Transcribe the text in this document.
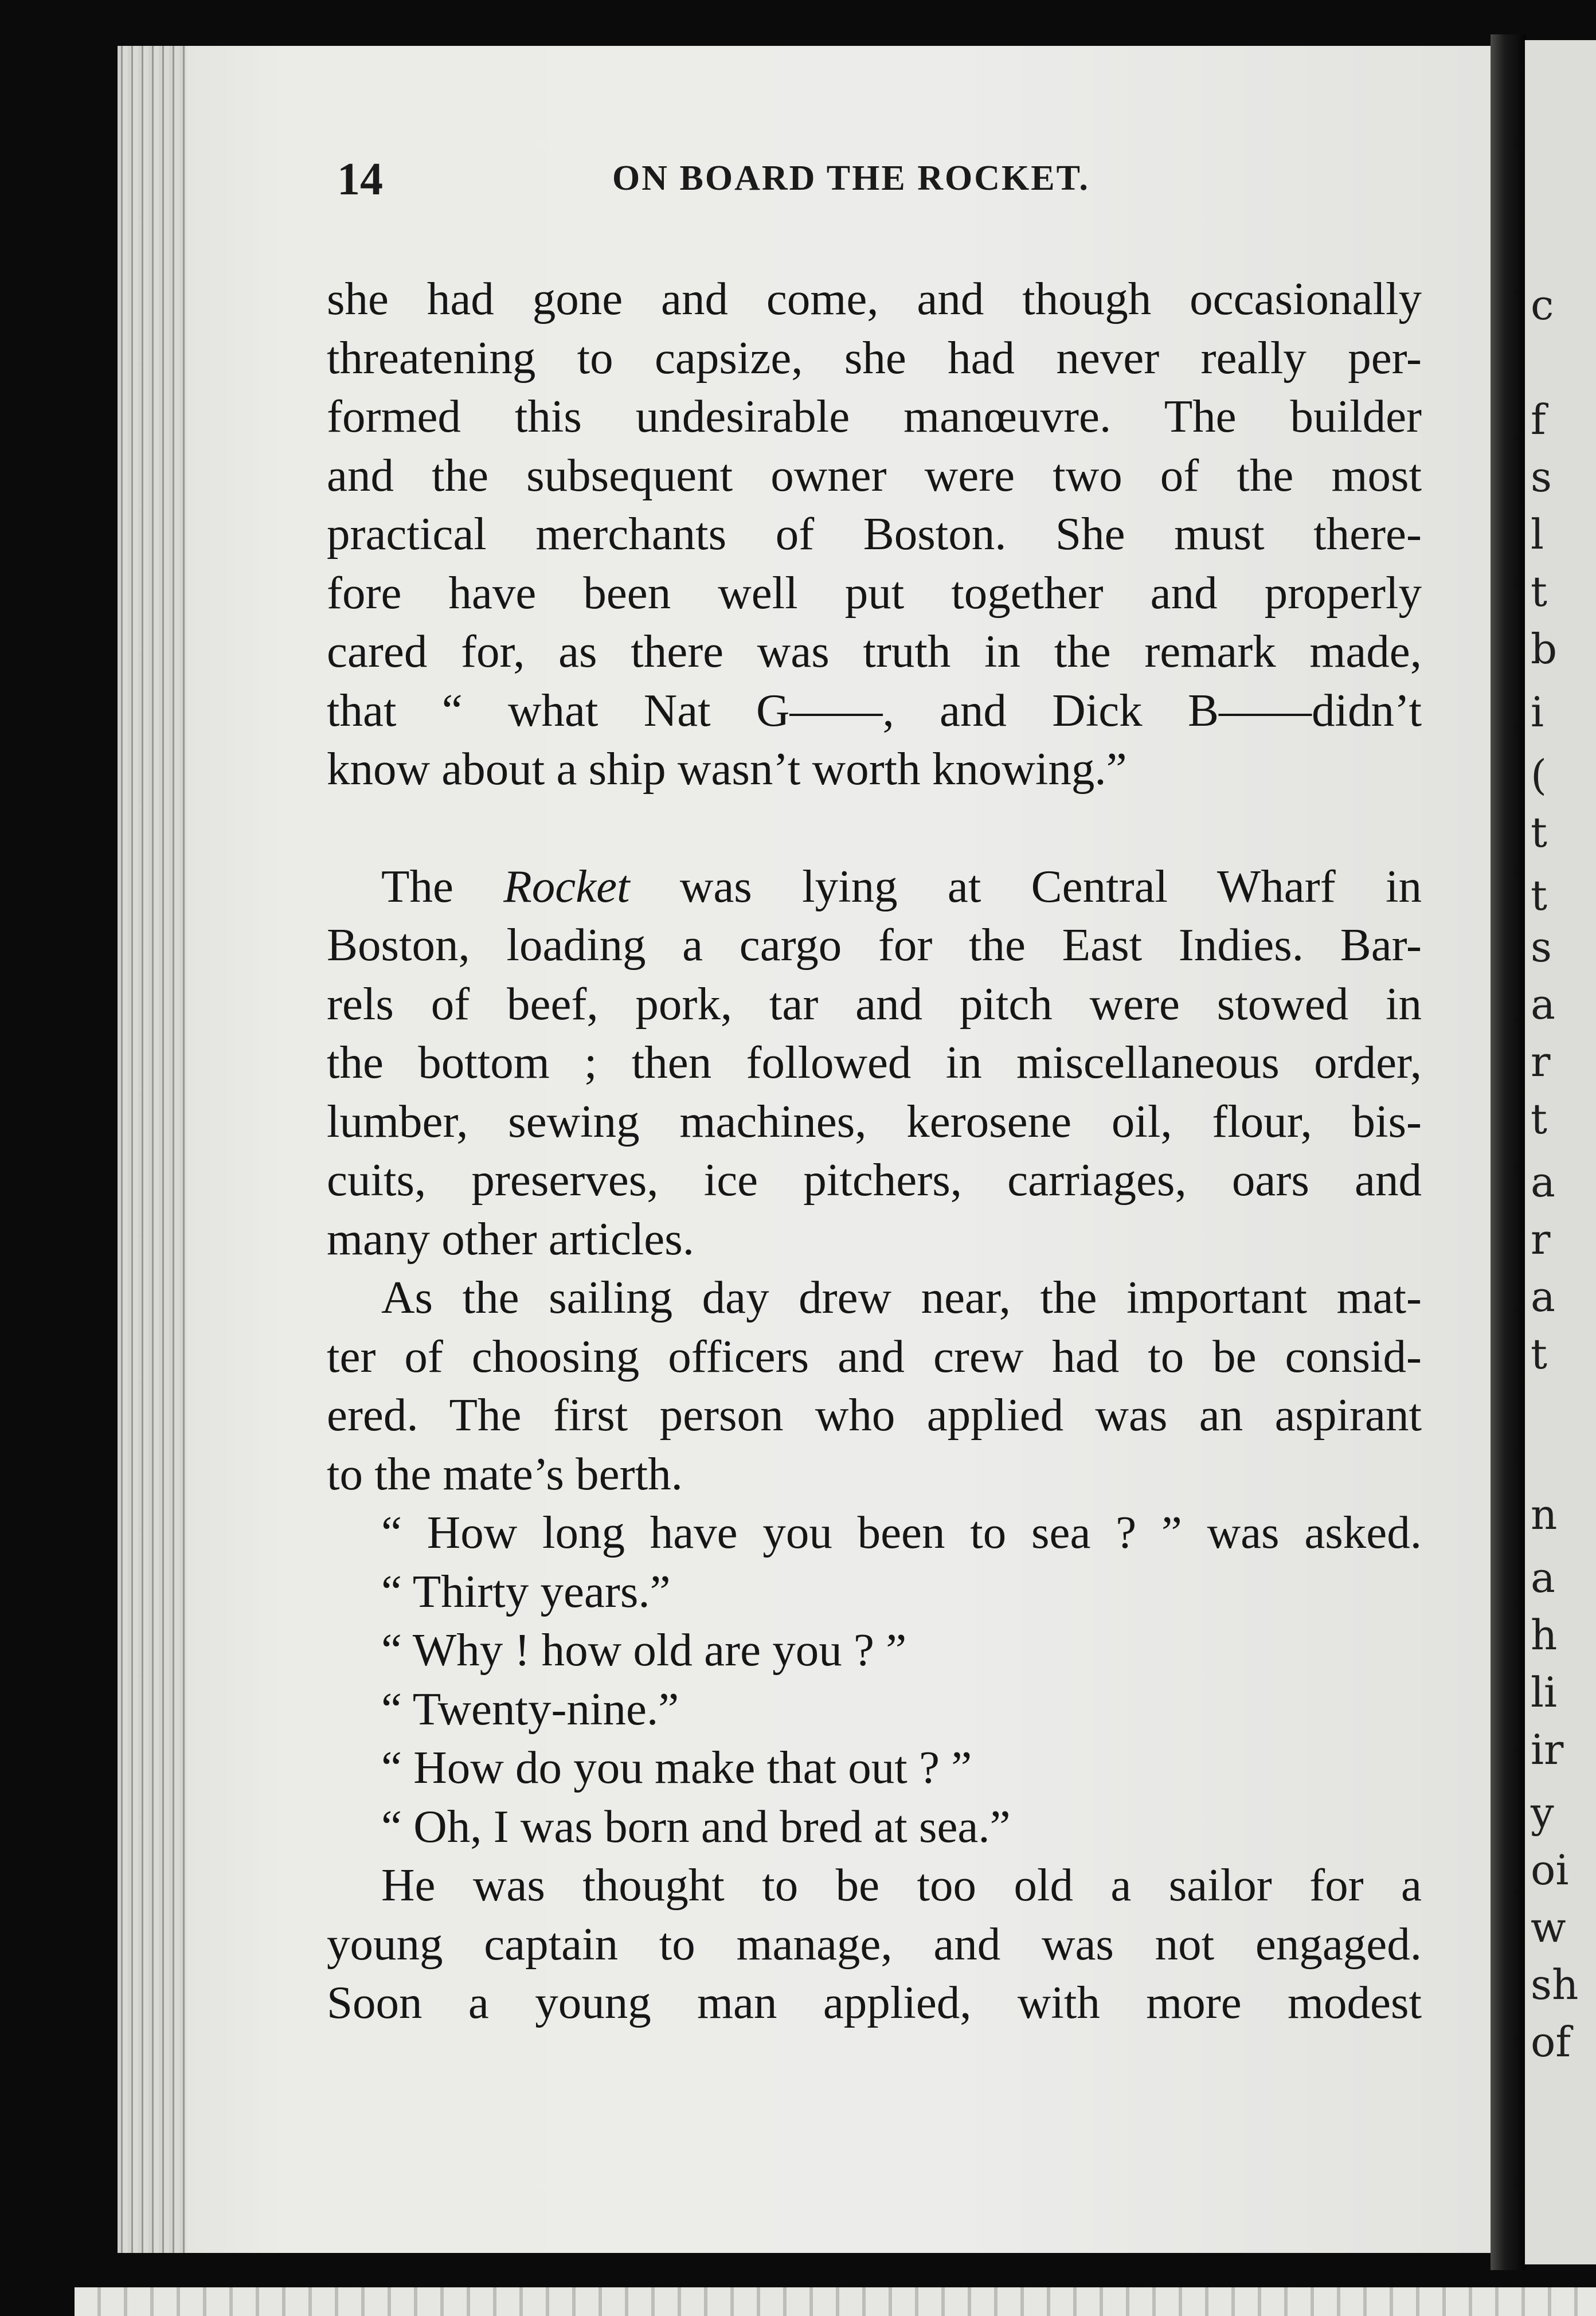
c
f
s
l
t
b
i
(
t
t
s
a
r
t
a
r
a
t
n
a
h
li
ir
y
oi
w
sh
of
14	ON BOARD THE ROCKET.
she had gone and come, and though occasionally
threatening to capsize, she had never really per-
formed this undesirable manœuvre. The builder
and the subsequent owner were two of the most
practical merchants of Boston. She must there-
fore have been well put together and properly
cared for, as there was truth in the remark made,
that “ what Nat G——, and Dick B——didn’t
know about a ship wasn’t worth knowing.”
The Rocket was lying at Central Wharf in
Boston, loading a cargo for the East Indies. Bar-
rels of beef, pork, tar and pitch were stowed in
the bottom ; then followed in miscellaneous order,
lumber, sewing machines, kerosene oil, flour, bis-
cuits, preserves, ice pitchers, carriages, oars and
many other articles.
As the sailing day drew near, the important mat-
ter of choosing officers and crew had to be consid-
ered. The first person who applied was an aspirant
to the mate’s berth.
“ How long have you been to sea ? ” was asked.
“ Thirty years.”
“ Why ! how old are you ? ”
“ Twenty-nine.”
“ How do you make that out ? ”
“ Oh, I was born and bred at sea.”
He was thought to be too old a sailor for a
young captain to manage, and was not engaged.
Soon a young man applied, with more modest
